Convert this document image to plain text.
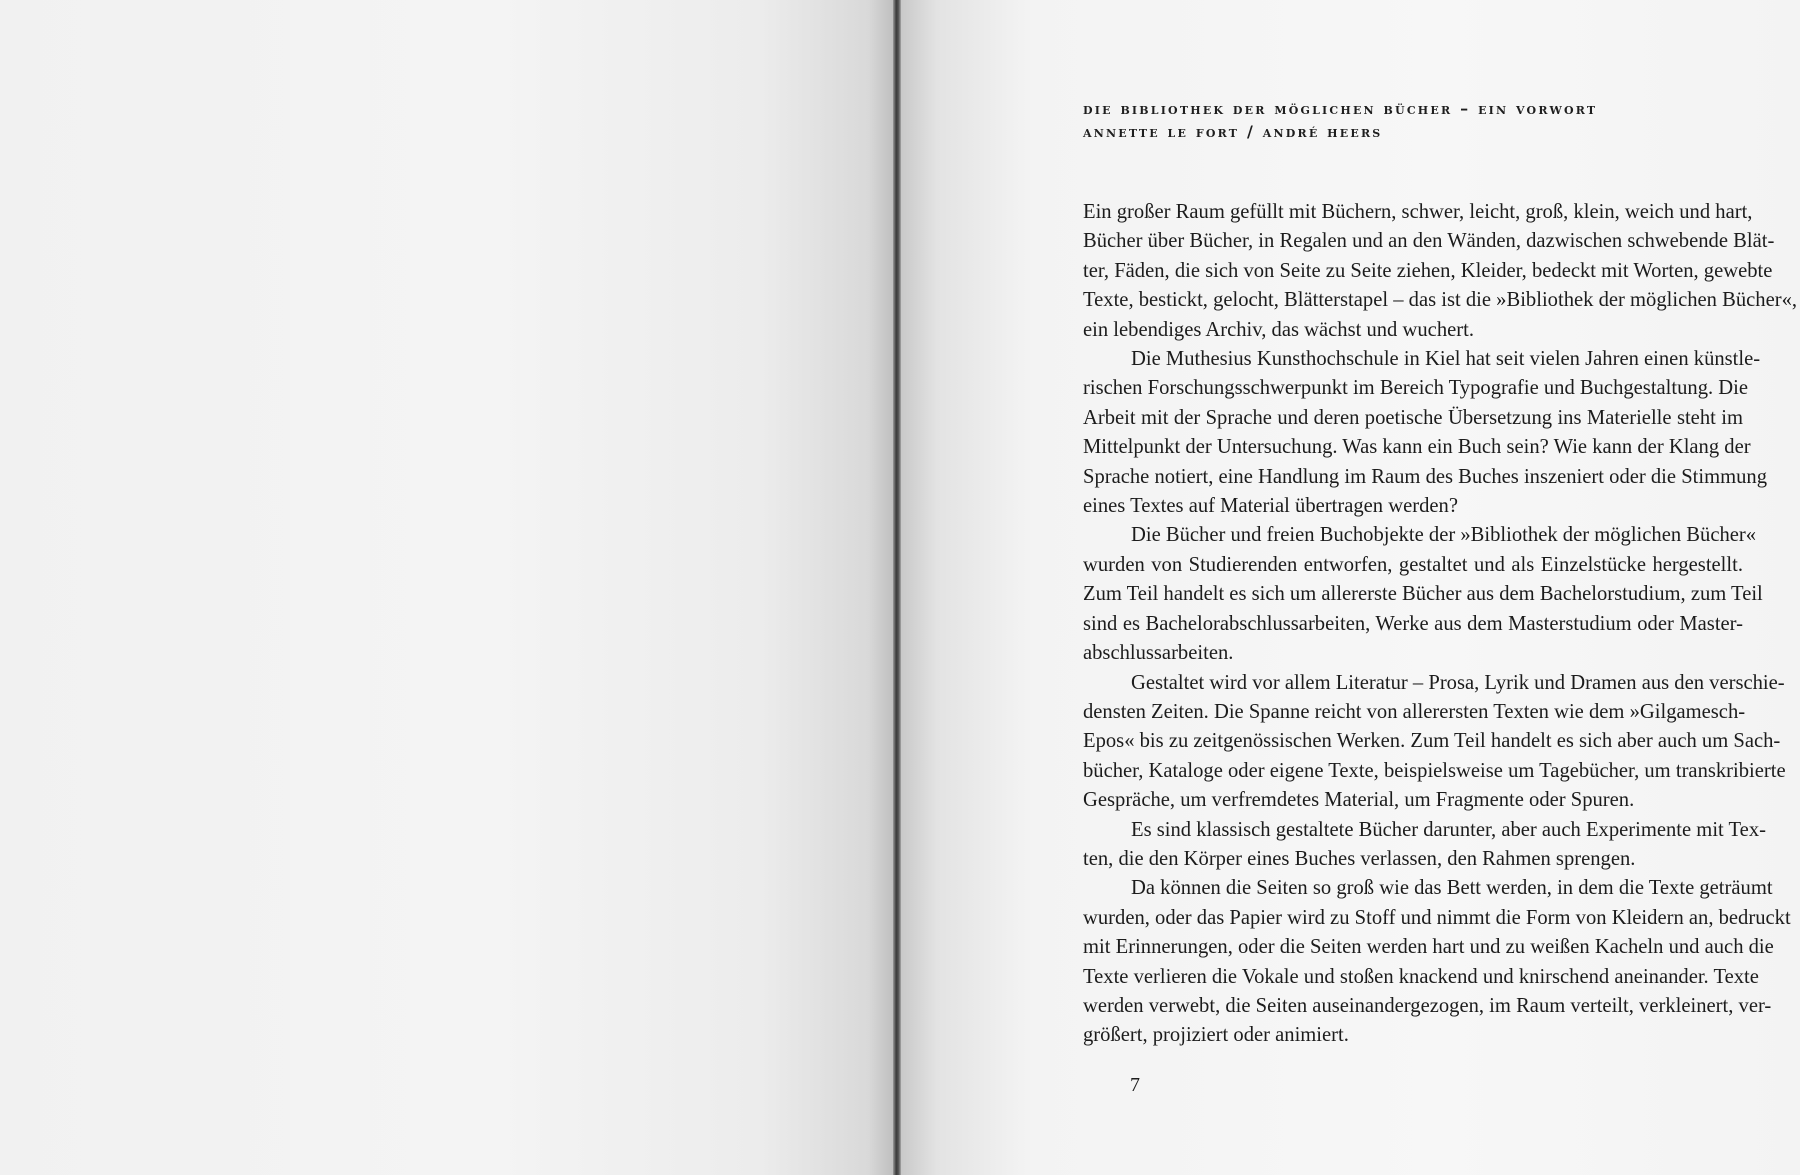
die bibliothek der möglichen bücher – ein vorwort
annette le fort / andré heers
Ein großer Raum gefüllt mit Büchern, schwer, leicht, groß, klein, weich und hart,
Bücher über Bücher, in Regalen und an den Wänden, dazwischen schwebende Blät-
ter, Fäden, die sich von Seite zu Seite ziehen, Kleider, bedeckt mit Worten, gewebte
Texte, bestickt, gelocht, Blätterstapel – das ist die »Bibliothek der möglichen Bücher«,
ein lebendiges Archiv, das wächst und wuchert.
Die Muthesius Kunsthochschule in Kiel hat seit vielen Jahren einen künstle-
rischen Forschungsschwerpunkt im Bereich Typografie und Buchgestaltung. Die
Arbeit mit der Sprache und deren poetische Übersetzung ins Materielle steht im
Mittelpunkt der Untersuchung. Was kann ein Buch sein? Wie kann der Klang der
Sprache notiert, eine Handlung im Raum des Buches inszeniert oder die Stimmung
eines Textes auf Material übertragen werden?
Die Bücher und freien Buchobjekte der »Bibliothek der möglichen Bücher«
wurden von Studierenden entworfen, gestaltet und als Einzelstücke hergestellt.
Zum Teil handelt es sich um allererste Bücher aus dem Bachelorstudium, zum Teil
sind es Bachelorabschlussarbeiten, Werke aus dem Masterstudium oder Master-
abschlussarbeiten.
Gestaltet wird vor allem Literatur – Prosa, Lyrik und Dramen aus den verschie-
densten Zeiten. Die Spanne reicht von allerersten Texten wie dem »Gilgamesch-
Epos« bis zu zeitgenössischen Werken. Zum Teil handelt es sich aber auch um Sach-
bücher, Kataloge oder eigene Texte, beispielsweise um Tagebücher, um transkribierte
Gespräche, um verfremdetes Material, um Fragmente oder Spuren.
Es sind klassisch gestaltete Bücher darunter, aber auch Experimente mit Tex-
ten, die den Körper eines Buches verlassen, den Rahmen sprengen.
Da können die Seiten so groß wie das Bett werden, in dem die Texte geträumt
wurden, oder das Papier wird zu Stoff und nimmt die Form von Kleidern an, bedruckt
mit Erinnerungen, oder die Seiten werden hart und zu weißen Kacheln und auch die
Texte verlieren die Vokale und stoßen knackend und knirschend aneinander. Texte
werden verwebt, die Seiten auseinandergezogen, im Raum verteilt, verkleinert, ver-
größert, projiziert oder animiert.
7
